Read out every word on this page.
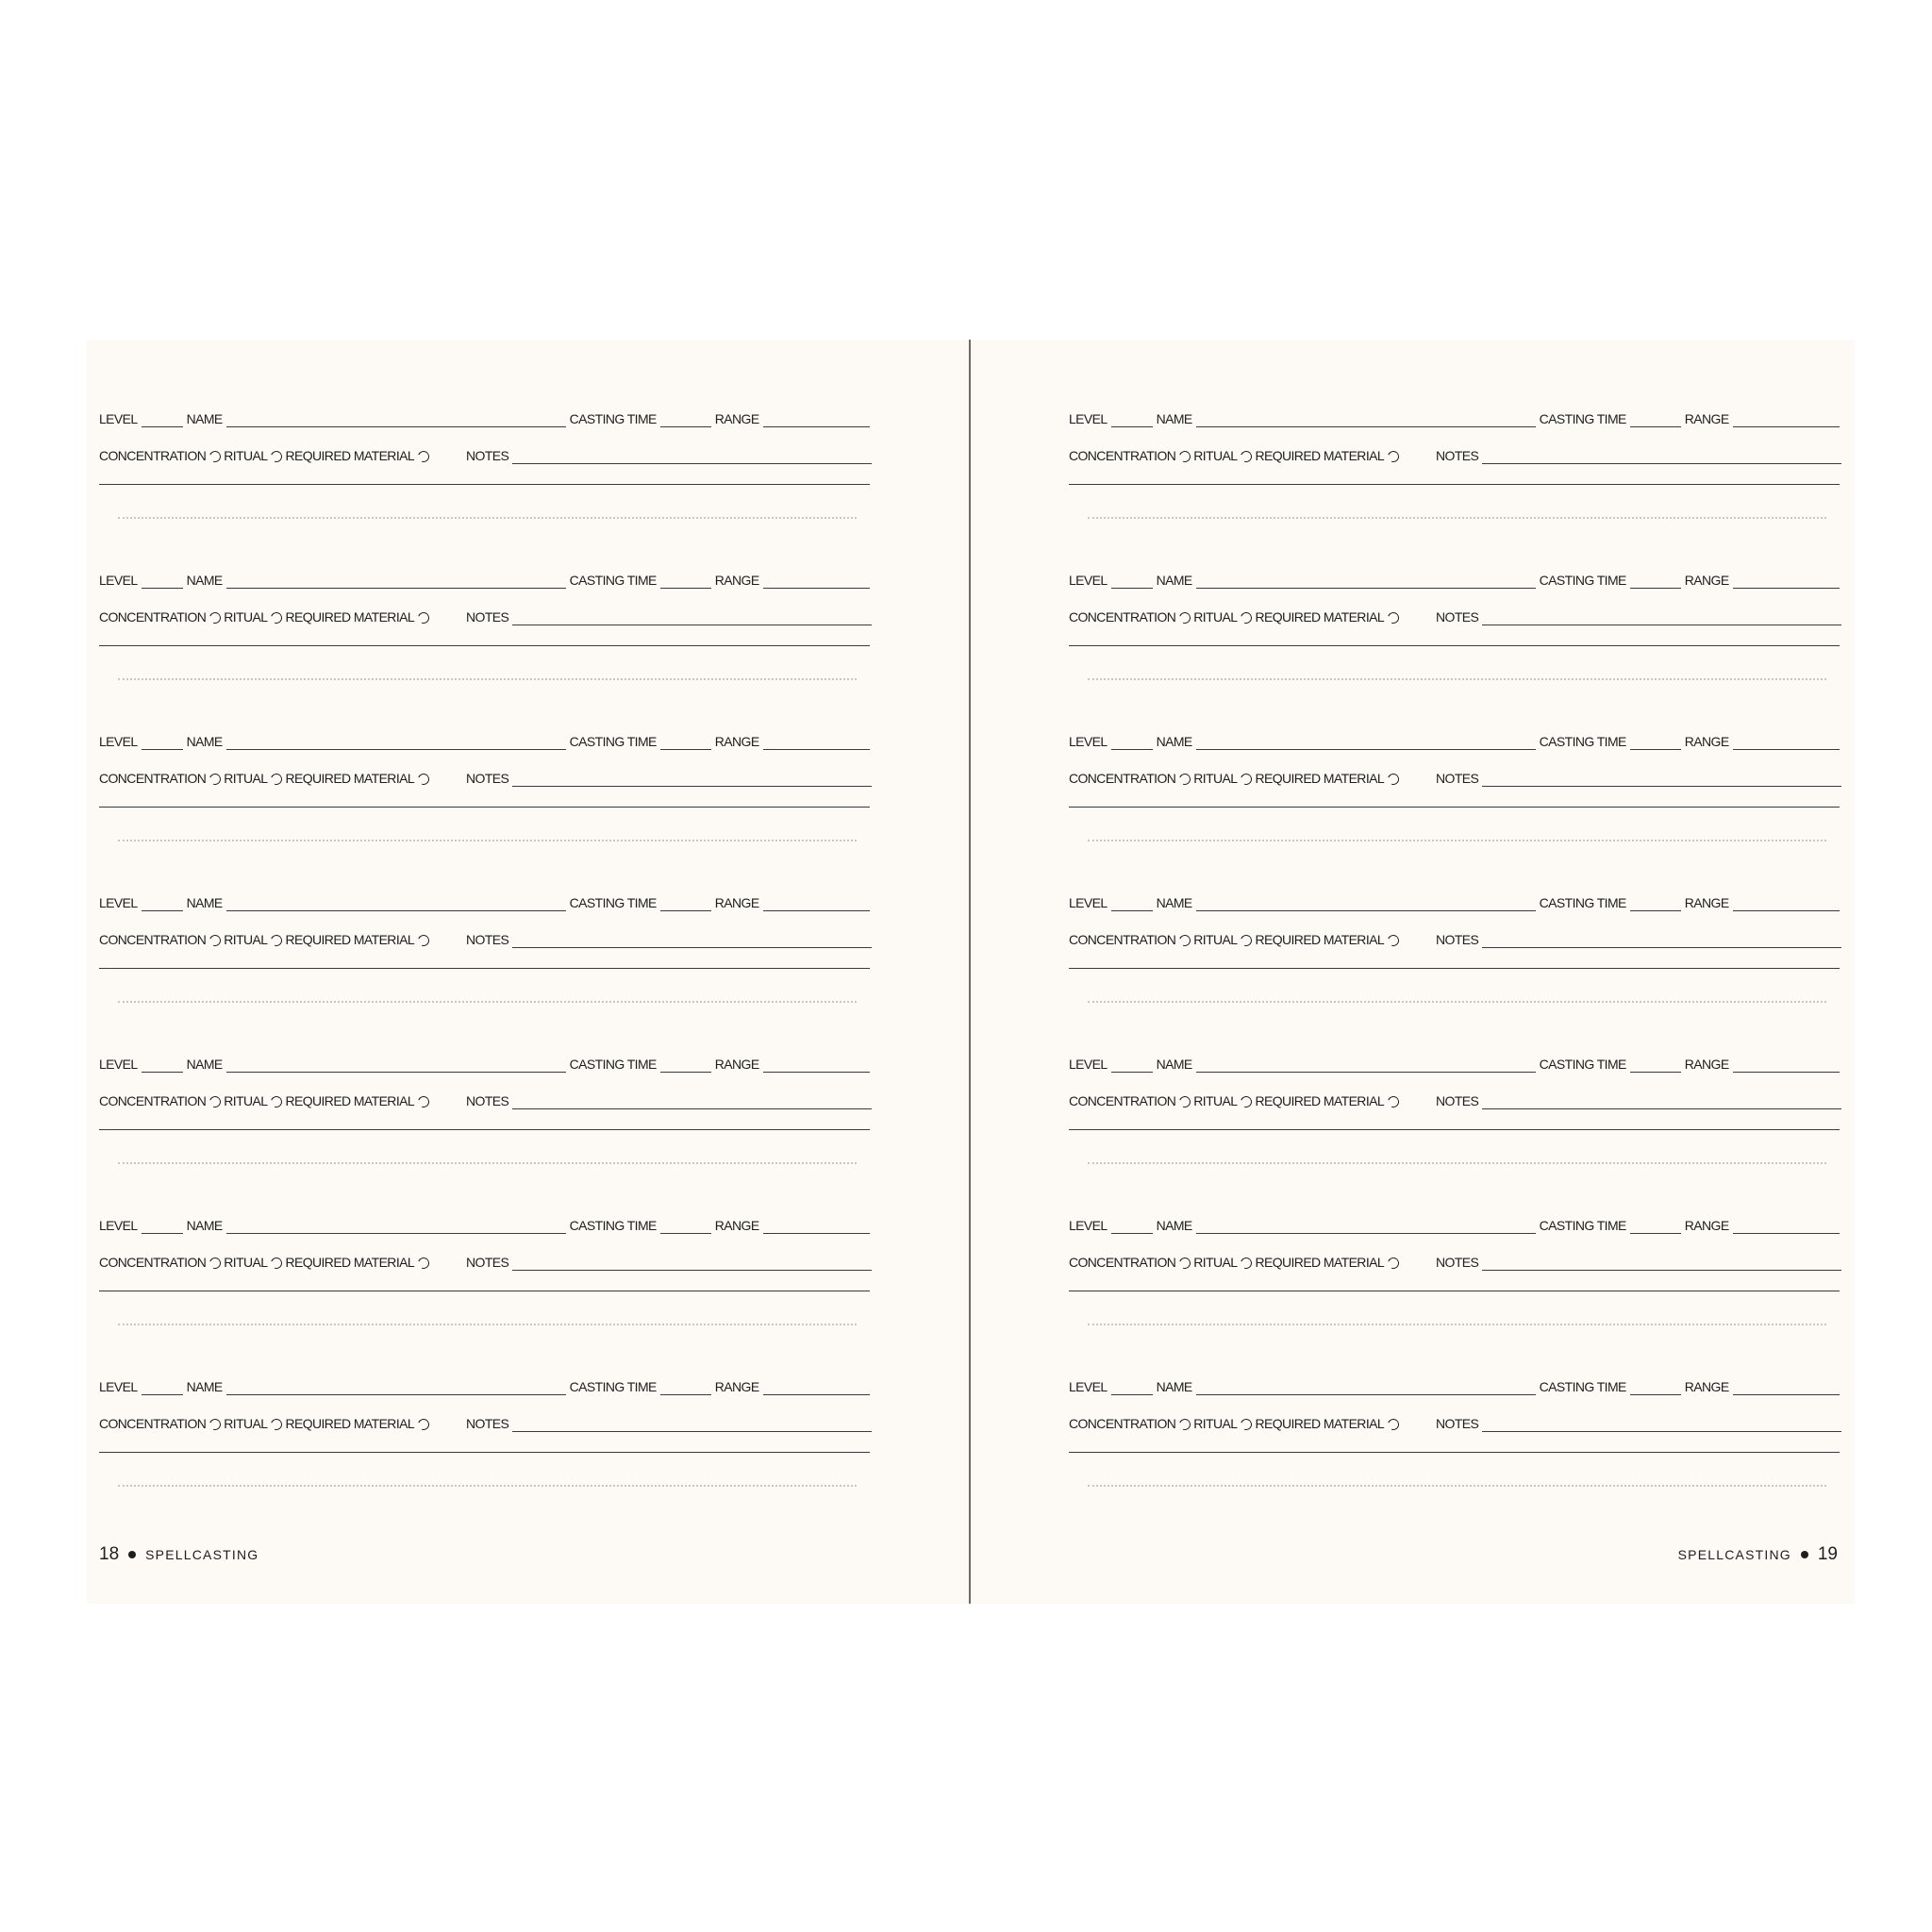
LEVEL	NAME	CASTING TIME	RANGE
CONCENTRATION RITUAL REQUIRED MATERIAL	NOTES
LEVEL	NAME	CASTING TIME	RANGE
CONCENTRATION RITUAL REQUIRED MATERIAL	NOTES
LEVEL	NAME	CASTING TIME	RANGE
CONCENTRATION RITUAL REQUIRED MATERIAL	NOTES
LEVEL	NAME	CASTING TIME	RANGE
CONCENTRATION RITUAL REQUIRED MATERIAL	NOTES
LEVEL	NAME	CASTING TIME	RANGE
CONCENTRATION RITUAL REQUIRED MATERIAL	NOTES
LEVEL	NAME	CASTING TIME	RANGE
CONCENTRATION RITUAL REQUIRED MATERIAL	NOTES
LEVEL	NAME	CASTING TIME	RANGE
CONCENTRATION RITUAL REQUIRED MATERIAL	NOTES
18 SPELLCASTING
LEVEL	NAME	CASTING TIME	RANGE
CONCENTRATION RITUAL REQUIRED MATERIAL	NOTES
LEVEL	NAME	CASTING TIME	RANGE
CONCENTRATION RITUAL REQUIRED MATERIAL	NOTES
LEVEL	NAME	CASTING TIME	RANGE
CONCENTRATION RITUAL REQUIRED MATERIAL	NOTES
LEVEL	NAME	CASTING TIME	RANGE
CONCENTRATION RITUAL REQUIRED MATERIAL	NOTES
LEVEL	NAME	CASTING TIME	RANGE
CONCENTRATION RITUAL REQUIRED MATERIAL	NOTES
LEVEL	NAME	CASTING TIME	RANGE
CONCENTRATION RITUAL REQUIRED MATERIAL	NOTES
LEVEL	NAME	CASTING TIME	RANGE
CONCENTRATION RITUAL REQUIRED MATERIAL	NOTES
SPELLCASTING 19
